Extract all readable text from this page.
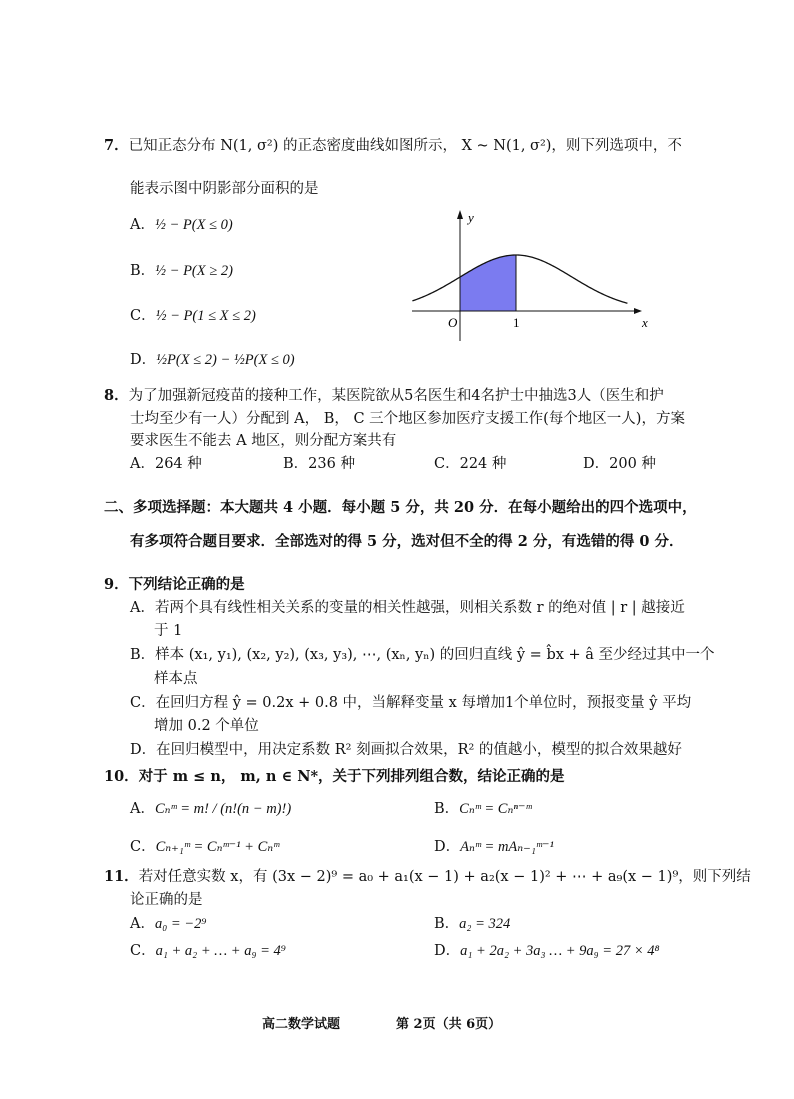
7．已知正态分布 N(1, σ²) 的正态密度曲线如图所示， X ~ N(1, σ²)，则下列选项中，不
能表示图中阴影部分面积的是
A．½ − P(X ≤ 0)
B．½ − P(X ≥ 2)
C．½ − P(1 ≤ X ≤ 2)
D．½P(X ≤ 2) − ½P(X ≤ 0)
y
x
O	1
8．为了加强新冠疫苗的接种工作，某医院欲从5名医生和4名护士中抽选3人（医生和护
士均至少有一人）分配到 A， B， C 三个地区参加医疗支援工作(每个地区一人)，方案
要求医生不能去 A 地区，则分配方案共有
A．264 种	B．236 种	C．224 种	D．200 种
二、多项选择题：本大题共 4 小题．每小题 5 分，共 20 分．在每小题给出的四个选项中，
有多项符合题目要求．全部选对的得 5 分，选对但不全的得 2 分，有选错的得 0 分．
9．下列结论正确的是
A．若两个具有线性相关关系的变量的相关性越强，则相关系数 r 的绝对值 | r | 越接近
于 1
B．样本 (x₁, y₁), (x₂, y₂), (x₃, y₃), ⋯, (xₙ, yₙ) 的回归直线 ŷ = b̂x + â 至少经过其中一个
样本点
C．在回归方程 ŷ = 0.2x + 0.8 中，当解释变量 x 每增加1个单位时，预报变量 ŷ 平均
增加 0.2 个单位
D．在回归模型中，用决定系数 R² 刻画拟合效果，R² 的值越小，模型的拟合效果越好
10．对于 m ≤ n， m, n ∈ N*，关于下列排列组合数，结论正确的是
A．Cₙᵐ = m! / (n!(n − m)!)	B．Cₙᵐ = Cₙⁿ⁻ᵐ
C．Cₙ₊₁ᵐ = Cₙᵐ⁻¹ + Cₙᵐ	D．Aₙᵐ = mAₙ₋₁ᵐ⁻¹
11．若对任意实数 x，有 (3x − 2)⁹ = a₀ + a₁(x − 1) + a₂(x − 1)² + ⋯ + a₉(x − 1)⁹，则下列结
论正确的是
A．a₀ = −2⁹	B．a₂ = 324
C．a₁ + a₂ + … + a₉ = 4⁹	D．a₁ + 2a₂ + 3a₃ … + 9a₉ = 27 × 4⁸
高二数学试题	第 2页（共 6页）
